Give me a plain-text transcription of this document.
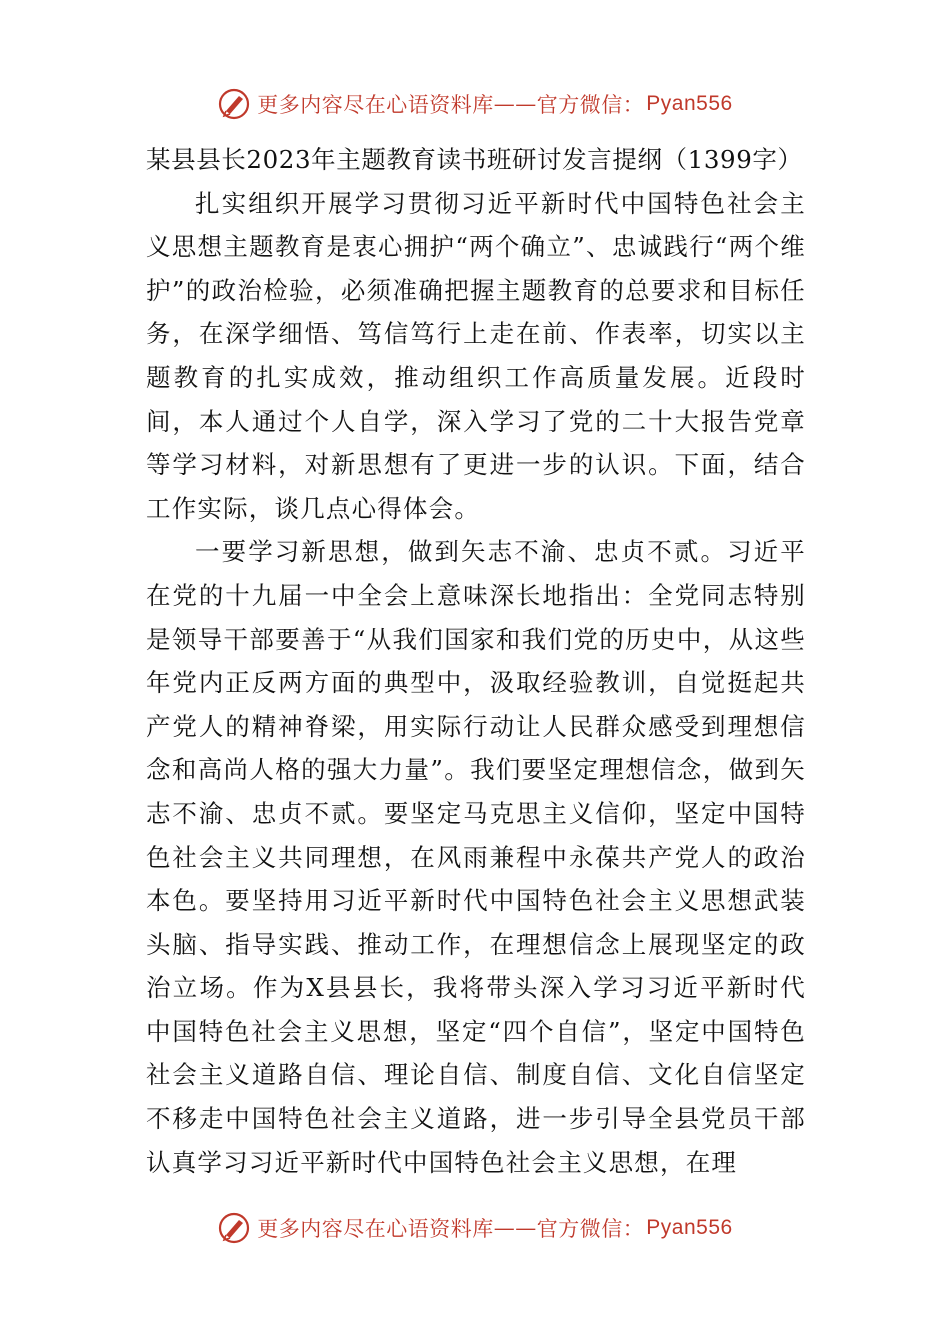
更多内容尽在心语资料库 — — 官方微信： Pyan556
某县县长2023年主题教育读书班研讨发言提纲（1399字）

扎实组织开展学习贯彻习近平新时代中国特色社会主义思想主题教育是衷心拥护“两个确立”、忠诚践行“两个维护”的政治检验，必须准确把握主题教育的总要求和目标任务，在深学细悟、笃信笃行上走在前、作表率，切实以主题教育的扎实成效，推动组织工作高质量发展。近段时间，本人通过个人自学，深入学习了党的二十大报告党章等学习材料，对新思想有了更进一步的认识。下面，结合工作实际，谈几点心得体会。

一要学习新思想，做到矢志不渝、忠贞不贰。习近平在党的十九届一中全会上意味深长地指出：全党同志特别是领导干部要善于“从我们国家和我们党的历史中，从这些年党内正反两方面的典型中，汲取经验教训，自觉挺起共产党人的精神脊梁，用实际行动让人民群众感受到理想信念和高尚人格的强大力量”。我们要坚定理想信念，做到矢志不渝、忠贞不贰。要坚定马克思主义信仰，坚定中国特色社会主义共同理想，在风雨兼程中永葆共产党人的政治本色。要坚持用习近平新时代中国特色社会主义思想武装头脑、指导实践、推动工作，在理想信念上展现坚定的政治立场。作为X县县长，我将带头深入学习习近平新时代中国特色社会主义思想，坚定“四个自信”，坚定中国特色社会主义道路自信、理论自信、制度自信、文化自信坚定不移走中国特色社会主义道路，进一步引导全县党员干部认真学习习近平新时代中国特色社会主义思想，在理

更多内容尽在心语资料库 — — 官方微信： Pyan556
